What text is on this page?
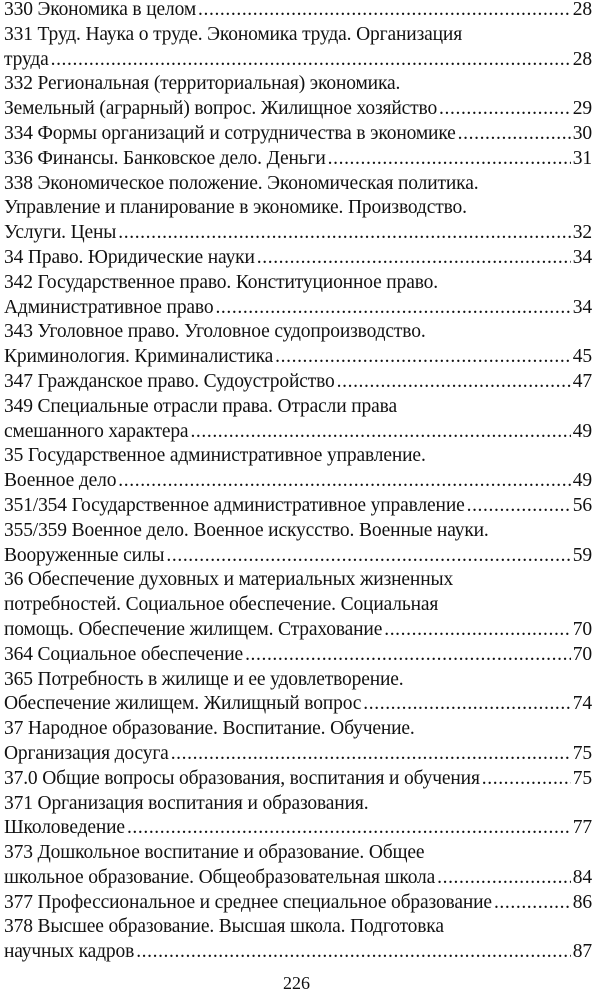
330 Экономика в целом .....	28
331 Труд. Наука о труде. Экономика труда. Организация
труда .....	28
332 Региональная (территориальная) экономика.
Земельный (аграрный) вопрос. Жилищное хозяйство .....	29
334 Формы организаций и сотрудничества в экономике .....	30
336 Финансы. Банковское дело. Деньги .....	31
338 Экономическое положение. Экономическая политика.
Управление и планирование в экономике. Производство.
Услуги. Цены .....	32
34 Право. Юридические науки .....	34
342 Государственное право. Конституционное право.
Административное право .....	34
343 Уголовное право. Уголовное судопроизводство.
Криминология. Криминалистика .....	45
347 Гражданское право. Судоустройство .....	47
349 Специальные отрасли права. Отрасли права
смешанного характера .....	49
35 Государственное административное управление.
Военное дело .....	49
351/354 Государственное административное управление .....	56
355/359 Военное дело. Военное искусство. Военные науки.
Вооруженные силы .....	59
36 Обеспечение духовных и материальных жизненных
потребностей. Социальное обеспечение. Социальная
помощь. Обеспечение жилищем. Страхование .....	70
364 Социальное обеспечение .....	70
365 Потребность в жилище и ее удовлетворение.
Обеспечение жилищем. Жилищный вопрос .....	74
37 Народное образование. Воспитание. Обучение.
Организация досуга .....	75
37.0 Общие вопросы образования, воспитания и обучения .....	75
371 Организация воспитания и образования.
Школоведение .....	77
373 Дошкольное воспитание и образование. Общее
школьное образование. Общеобразовательная школа .....	84
377 Профессиональное и среднее специальное образование .....	86
378 Высшее образование. Высшая школа. Подготовка
научных кадров .....	87
226
